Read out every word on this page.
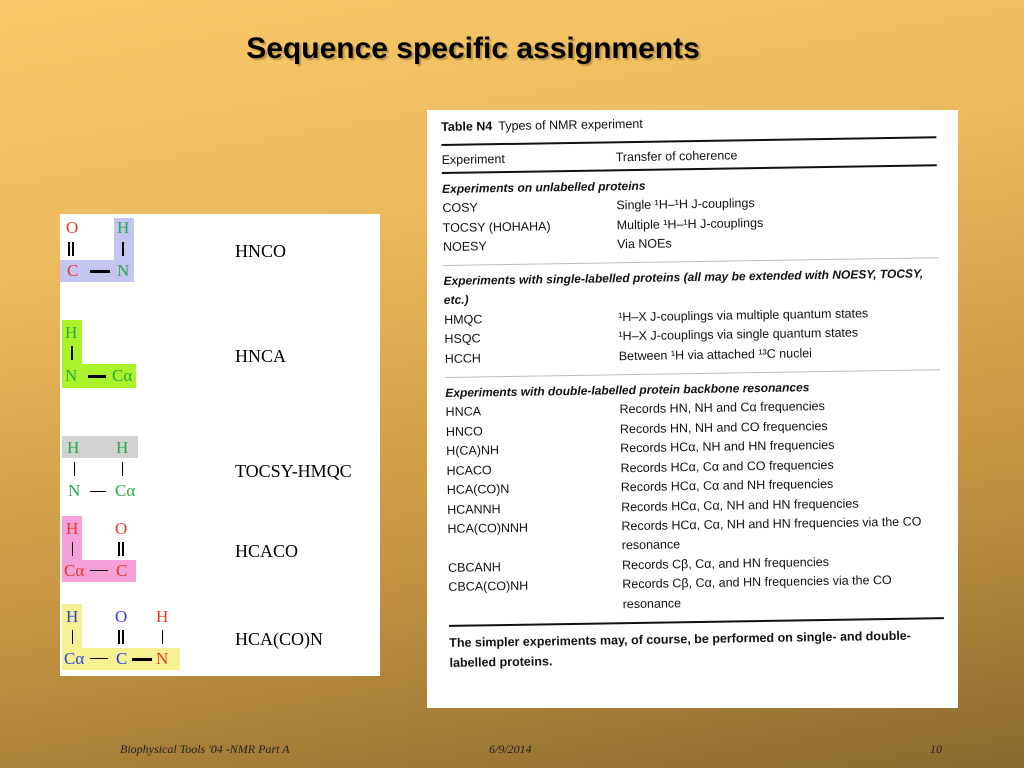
Sequence specific assignments
O H
C N
HNCO
H
N Cα
HNCA
H H
N Cα
TOCSY-HMQC
H O
Cα C
HCACO
H O H
Cα C N
HCA(CO)N
Table N4 Types of NMR experiment
Experiment	Transfer of coherence
Experiments on unlabelled proteins
COSY	Single ¹H–¹H J-couplings
TOCSY (HOHAHA)	Multiple ¹H–¹H J-couplings
NOESY	Via NOEs
Experiments with single-labelled proteins (all may be extended with NOESY, TOCSY, etc.)
HMQC	¹H–X J-couplings via multiple quantum states
HSQC	¹H–X J-couplings via single quantum states
HCCH	Between ¹H via attached ¹³C nuclei
Experiments with double-labelled protein backbone resonances
HNCA	Records HN, NH and Cα frequencies
HNCO	Records HN, NH and CO frequencies
H(CA)NH	Records HCα, NH and HN frequencies
HCACO	Records HCα, Cα and CO frequencies
HCA(CO)N	Records HCα, Cα and NH frequencies
HCANNH	Records HCα, Cα, NH and HN frequencies
HCA(CO)NNH	Records HCα, Cα, NH and HN frequencies via the CO resonance
CBCANH	Records Cβ, Cα, and HN frequencies
CBCA(CO)NH	Records Cβ, Cα, and HN frequencies via the CO resonance
The simpler experiments may, of course, be performed on single- and double-labelled proteins.
Biophysical Tools '04 -NMR Part A	6/9/2014	10
